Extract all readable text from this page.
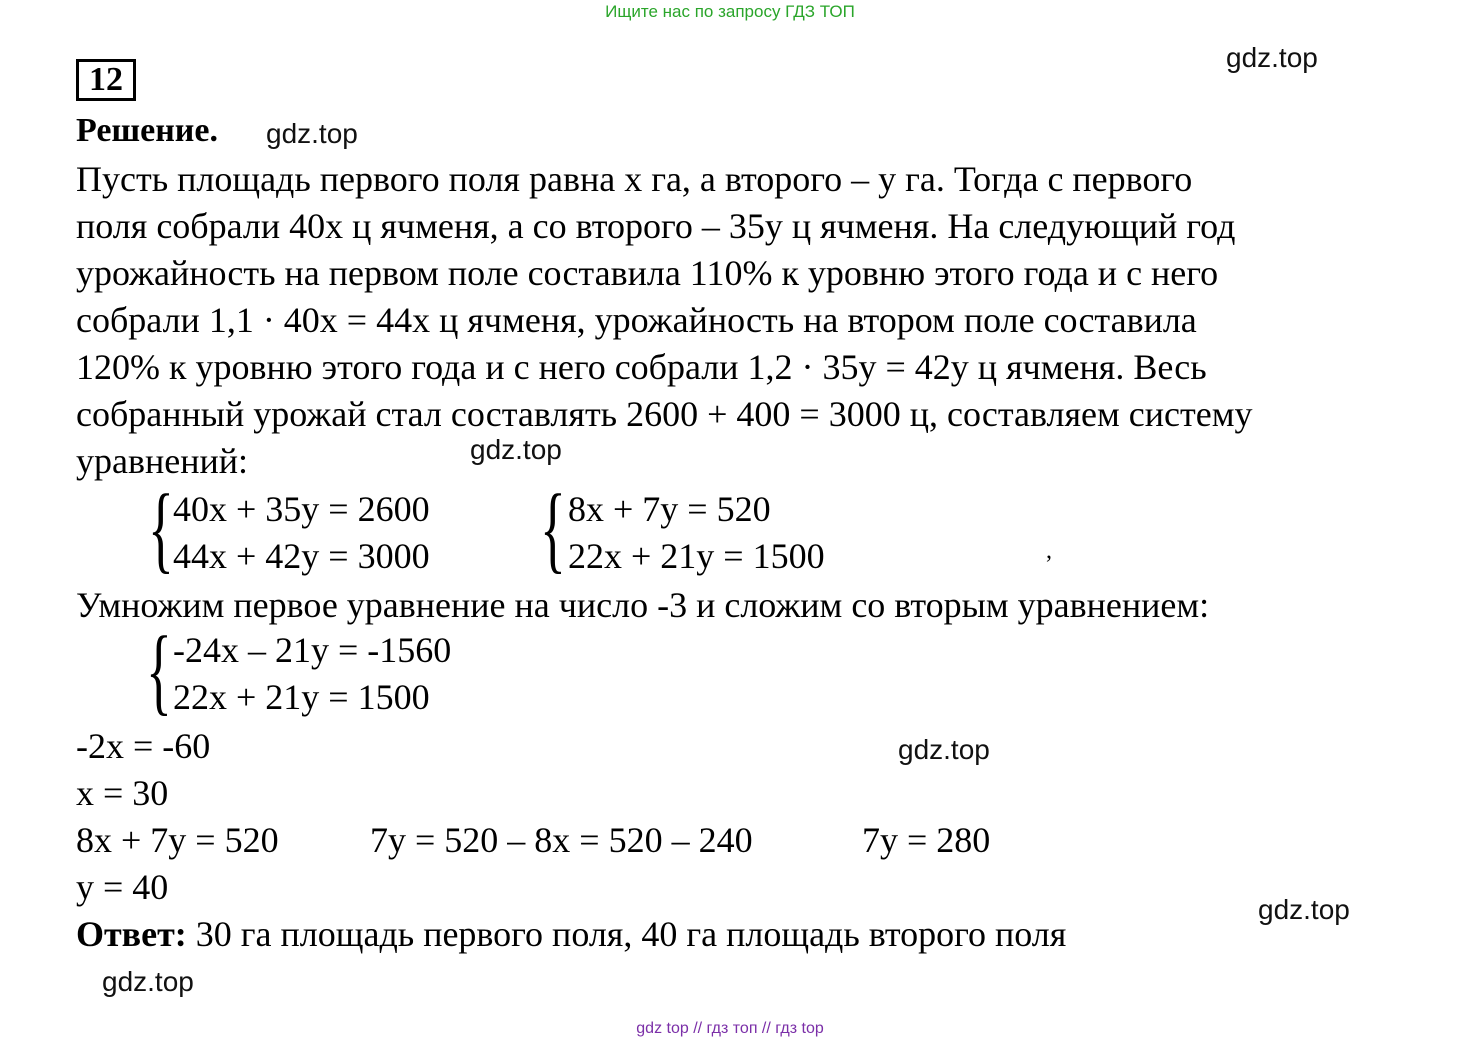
Ищите нас по запросу ГДЗ ТОП
12
Решение.
gdz.top
gdz.top
Пусть площадь первого поля равна x га, а второго – y га. Тогда с первого
поля собрали 40x ц ячменя, а со второго – 35y ц ячменя. На следующий год
урожайность на первом поле составила 110% к уровню этого года и с него
собрали 1,1 · 40x = 44x ц ячменя, урожайность на втором поле составила
120% к уровню этого года и с него собрали 1,2 · 35y = 42y ц ячменя. Весь
собранный урожай стал составлять 2600 + 400 = 3000 ц, составляем систему
уравнений:	gdz.top
{ 40x + 35y = 2600
44x + 42y = 3000 { 8x + 7y = 520
22x + 21y = 1500	,
Умножим первое уравнение на число -3 и сложим со вторым уравнением:
{ -24x – 21y = -1560
22x + 21y = 1500
-2x = -60	gdz.top
x = 30
8x + 7y = 520	7y = 520 – 8x = 520 – 240	7y = 280
y = 40
gdz.top
Ответ: 30 га площадь первого поля, 40 га площадь второго поля
gdz.top
gdz top // гдз топ // гдз top
